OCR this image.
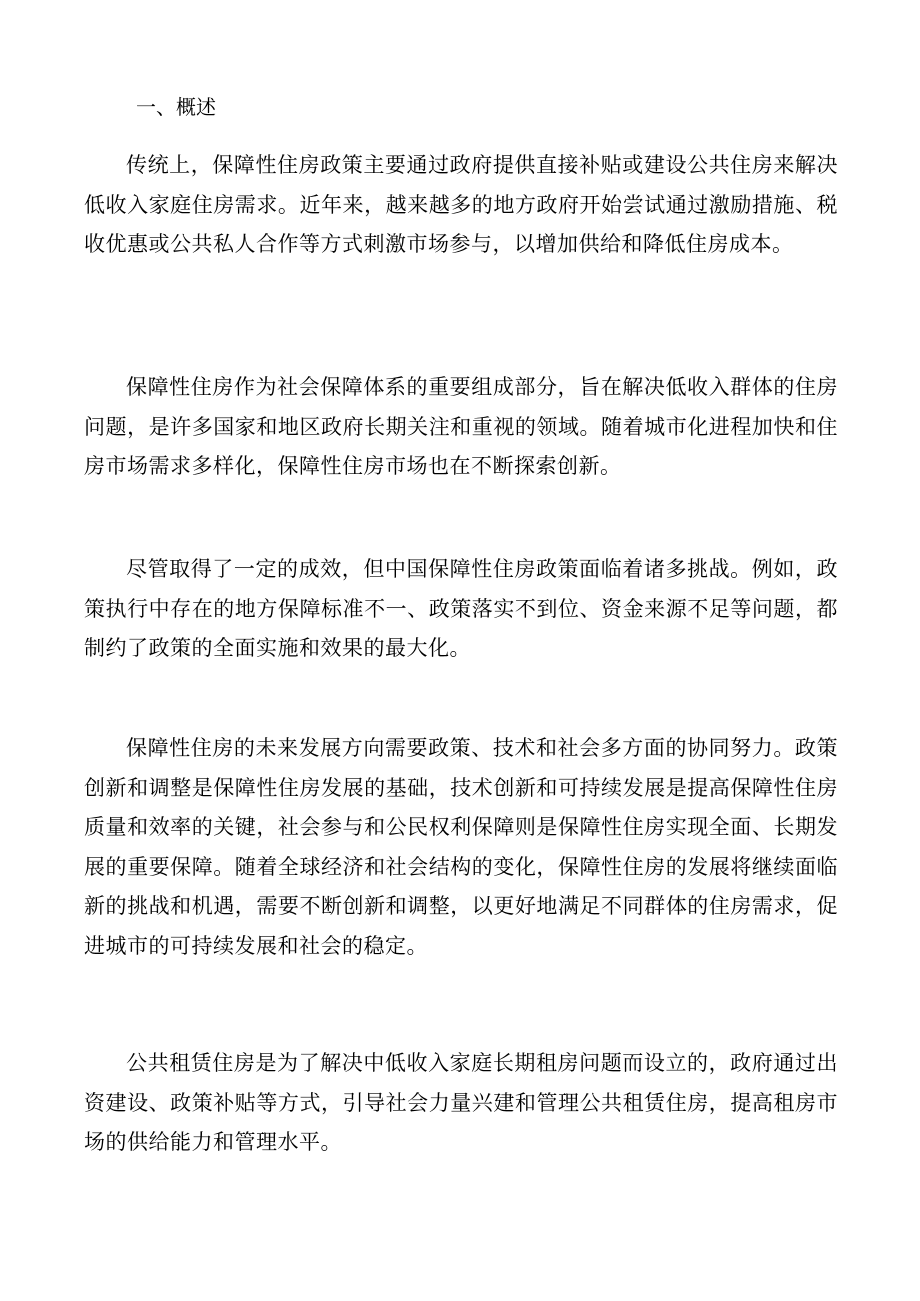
一、概述

传统上，保障性住房政策主要通过政府提供直接补贴或建设公共住房来解决低收入家庭住房需求。近年来，越来越多的地方政府开始尝试通过激励措施、税收优惠或公共私人合作等方式刺激市场参与，以增加供给和降低住房成本。

保障性住房作为社会保障体系的重要组成部分，旨在解决低收入群体的住房问题，是许多国家和地区政府长期关注和重视的领域。随着城市化进程加快和住房市场需求多样化，保障性住房市场也在不断探索创新。

尽管取得了一定的成效，但中国保障性住房政策面临着诸多挑战。例如，政策执行中存在的地方保障标准不一、政策落实不到位、资金来源不足等问题，都制约了政策的全面实施和效果的最大化。

保障性住房的未来发展方向需要政策、技术和社会多方面的协同努力。政策创新和调整是保障性住房发展的基础，技术创新和可持续发展是提高保障性住房质量和效率的关键，社会参与和公民权利保障则是保障性住房实现全面、长期发展的重要保障。随着全球经济和社会结构的变化，保障性住房的发展将继续面临新的挑战和机遇，需要不断创新和调整，以更好地满足不同群体的住房需求，促进城市的可持续发展和社会的稳定。

公共租赁住房是为了解决中低收入家庭长期租房问题而设立的，政府通过出资建设、政策补贴等方式，引导社会力量兴建和管理公共租赁住房，提高租房市场的供给能力和管理水平。
